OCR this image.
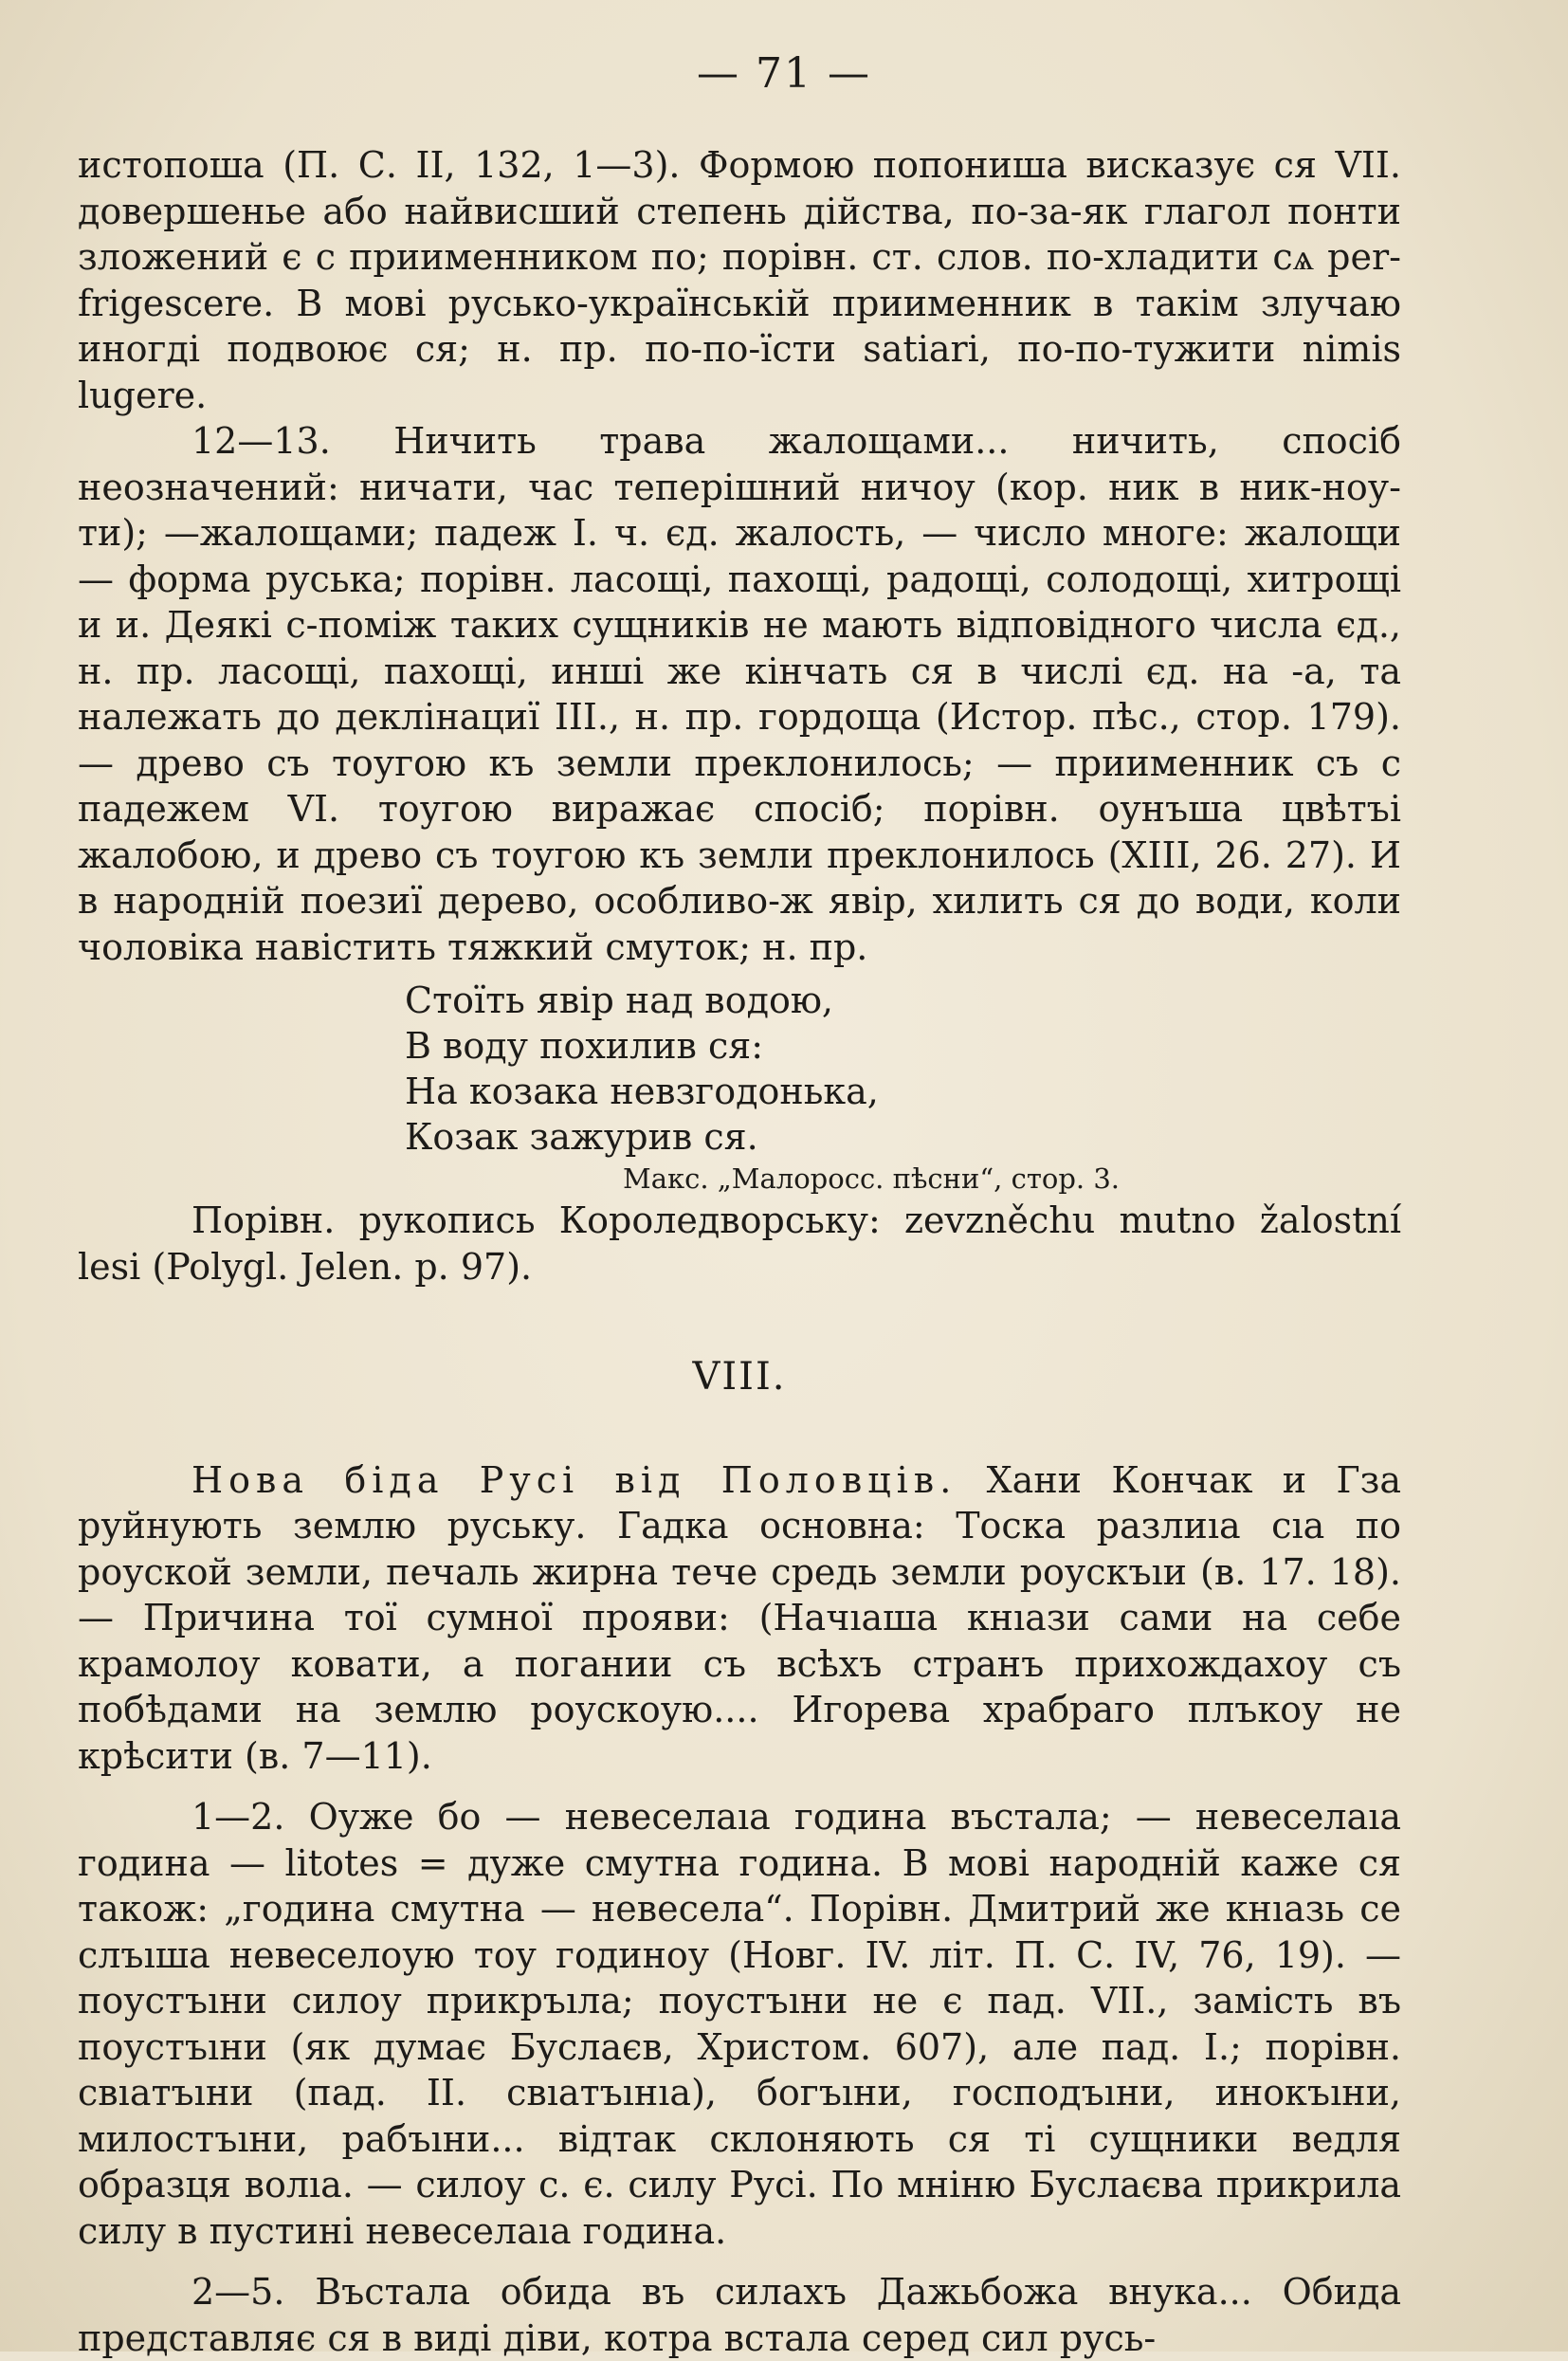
— 71 —

истопоша (П. С. II, 132, 1—3). Формою попониша висказує ся VII. довершенье або найвисший степень дійства, по-за-як глагол понти зложений є с приименником по; порівн. ст. слов. по-хладити сѧ per-frigescere. В мові русько-українській приименник в такім злучаю иногді подвоює ся; н. пр. по-по-їсти satiari, по-по-тужити nimis lugere.

12—13. Ничить трава жалощами... ничить, спосіб неозначений: ничати, час теперішний ничоу (кор. ник в ник-ноу-ти); —жалощами; падеж I. ч. єд. жалость, — число многе: жалощи — форма руська; порівн. ласощі, пахощі, радощі, солодощі, хитрощі и и. Деякі с-поміж таких сущників не мають відповідного числа єд., н. пр. ласощі, пахощі, инші же кінчать ся в числі єд. на -а, та належать до деклінациї III., н. пр. гордоща (Истор. пѣс., стор. 179). — древо съ тоугою къ земли преклонилось; — приименник съ с падежем VI. тоугою виражає спосіб; порівн. оунъша цвѣтъі жалобою, и древо съ тоугою къ земли преклонилось (XIII, 26. 27). И в народній поезиї дерево, особливо-ж явір, хилить ся до води, коли чоловіка навістить тяжкий смуток; н. пр.

Стоїть явір над водою,
В воду похилив ся:
На козака невзгодонька,
Козак зажурив ся.

Макс. „Малоросс. пѣсни“, стор. 3.

Порівн. рукопись Короледворську: zevzněchu mutno žalostní lesi (Polygl. Jelen. p. 97).

VIII.

Нова біда Русі від Половців. Хани Кончак и Гза руйнують землю руську. Гадка основна: Тоска разлиıа сıа по роуской земли, печаль жирна тече средь земли роускъıи (в. 17. 18). — Причина тої сумної прояви: (Начıаша кнıази сами на себе крамолоу ковати, а погании съ всѣхъ странъ прихождахоу съ побѣдами на землю роускоую.... Игорева храбраго плъкоу не крѣсити (в. 7—11).

1—2. Оуже бо — невеселаıа година въстала; — невеселаıа година — litotes = дуже смутна година. В мові народній каже ся також: „година смутна — невесела“. Порівн. Дмитрий же кнıазь се слъıша невеселоую тоу годиноу (Новг. IV. літ. П. С. IV, 76, 19). — поустъıни силоу прикръıла; поустъıни не є пад. VII., замість въ поустъıни (як думає Буслаєв, Христом. 607), але пад. I.; порівн. свıатъıни (пад. II. свıатъıнıа), богъıни, господъıни, инокъıни, милостъıни, рабъıни... відтак склоняють ся ті сущники ведля образця волıа. — силоу с. є. силу Русі. По мніню Буслаєва прикрила силу в пустині невеселаıа година.

2—5. Въстала обида въ силахъ Дажьбожа внука... Обида представляє ся в виді діви, котра встала серед сил русь-
